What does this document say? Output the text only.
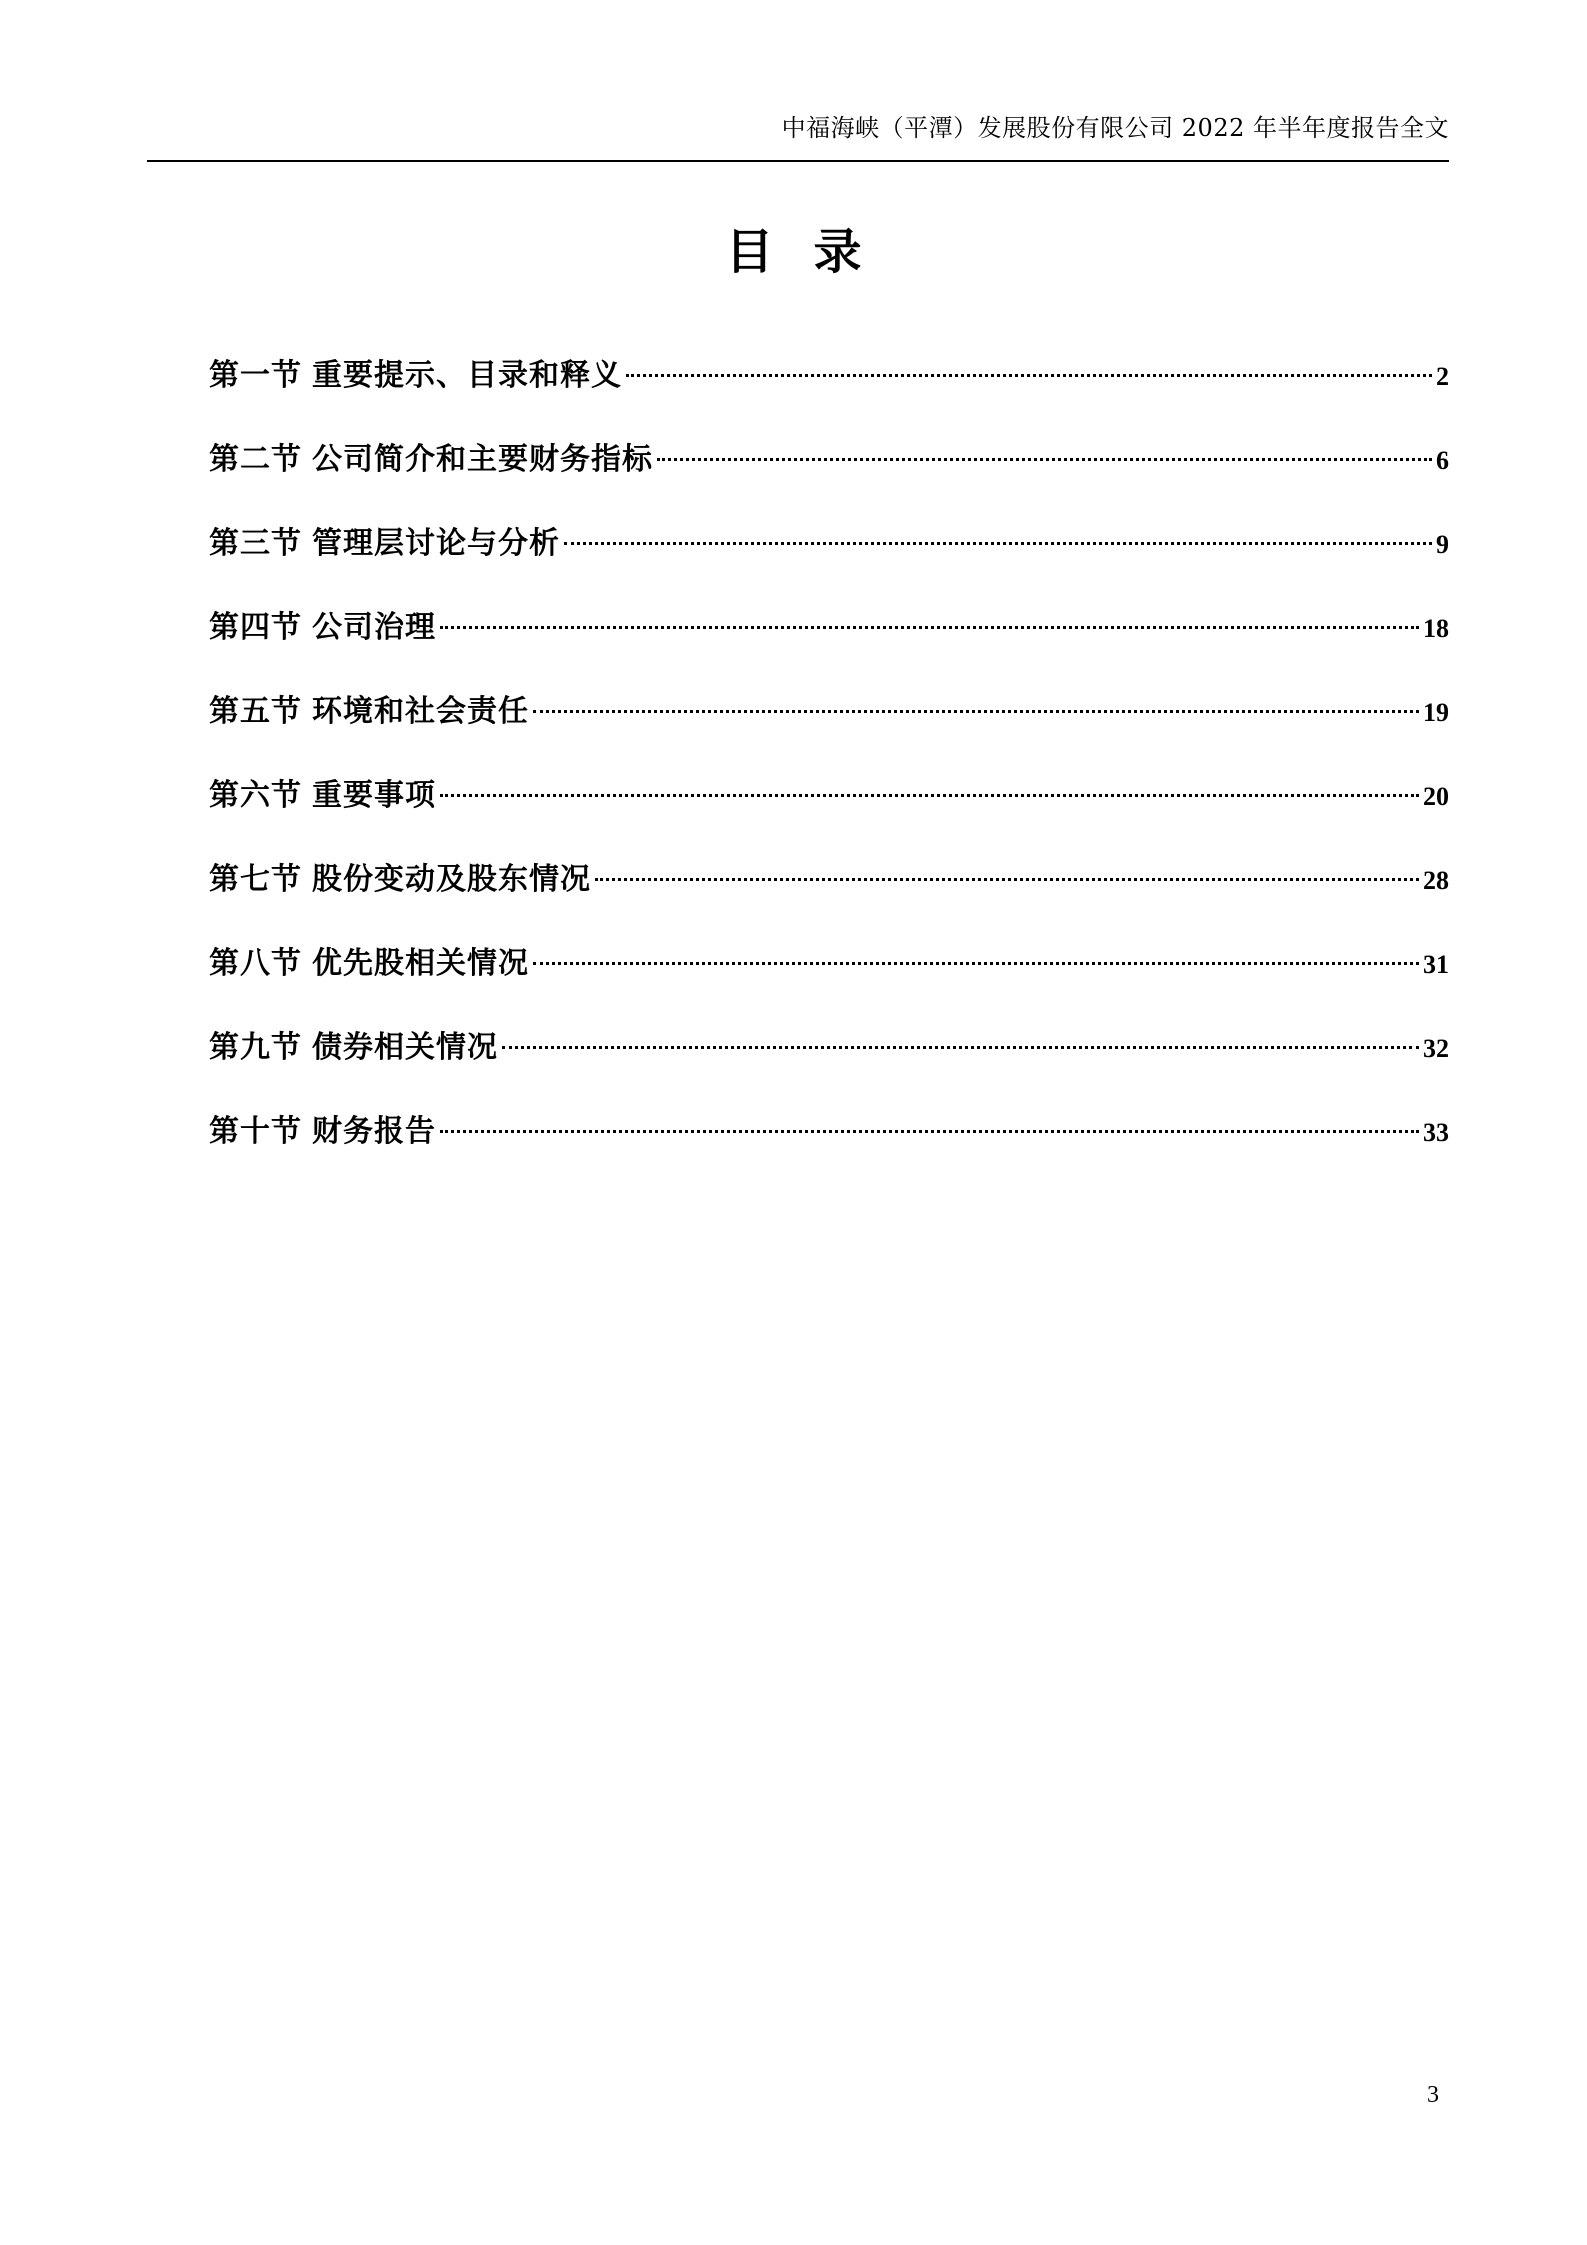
中福海峡（平潭）发展股份有限公司 2022 年半年度报告全文
目录
第一节 重要提示、目录和释义	2
第二节 公司简介和主要财务指标	6
第三节 管理层讨论与分析	9
第四节 公司治理	18
第五节 环境和社会责任	19
第六节 重要事项	20
第七节 股份变动及股东情况	28
第八节 优先股相关情况	31
第九节 债券相关情况	32
第十节 财务报告	33
3
